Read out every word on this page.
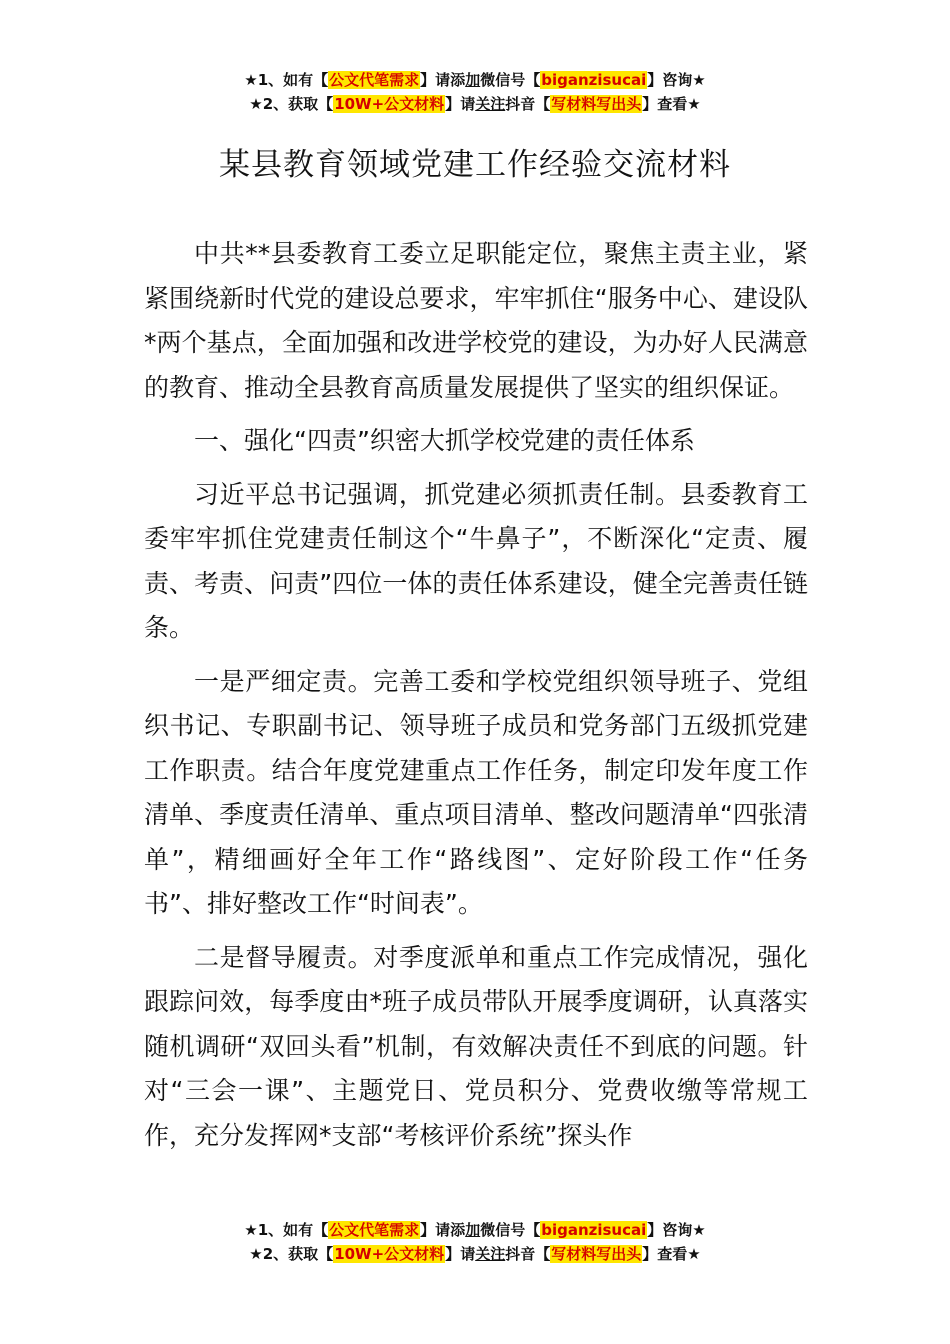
★1、如有【公文代笔需求】请添加微信号【biganzisucai】咨询★
★2、获取【10W+公文材料】请关注抖音【写材料写出头】查看★
某县教育领域党建工作经验交流材料

中共**县委教育工委立足职能定位，聚焦主责主业，紧紧围绕新时代党的建设总要求，牢牢抓住“服务中心、建设队*两个基点，全面加强和改进学校党的建设，为办好人民满意的教育、推动全县教育高质量发展提供了坚实的组织保证。

一、强化“四责”织密大抓学校党建的责任体系

习近平总书记强调，抓党建必须抓责任制。县委教育工委牢牢抓住党建责任制这个“牛鼻子”，不断深化“定责、履责、考责、问责”四位一体的责任体系建设，健全完善责任链条。

一是严细定责。完善工委和学校党组织领导班子、党组织书记、专职副书记、领导班子成员和党务部门五级抓党建工作职责。结合年度党建重点工作任务，制定印发年度工作清单、季度责任清单、重点项目清单、整改问题清单“四张清单”，精细画好全年工作“路线图”、定好阶段工作“任务书”、排好整改工作“时间表”。

二是督导履责。对季度派单和重点工作完成情况，强化跟踪问效，每季度由*班子成员带队开展季度调研，认真落实随机调研“双回头看”机制，有效解决责任不到底的问题。针对“三会一课”、主题党日、党员积分、党费收缴等常规工作，充分发挥网*支部“考核评价系统”探头作

★1、如有【公文代笔需求】请添加微信号【biganzisucai】咨询★
★2、获取【10W+公文材料】请关注抖音【写材料写出头】查看★
